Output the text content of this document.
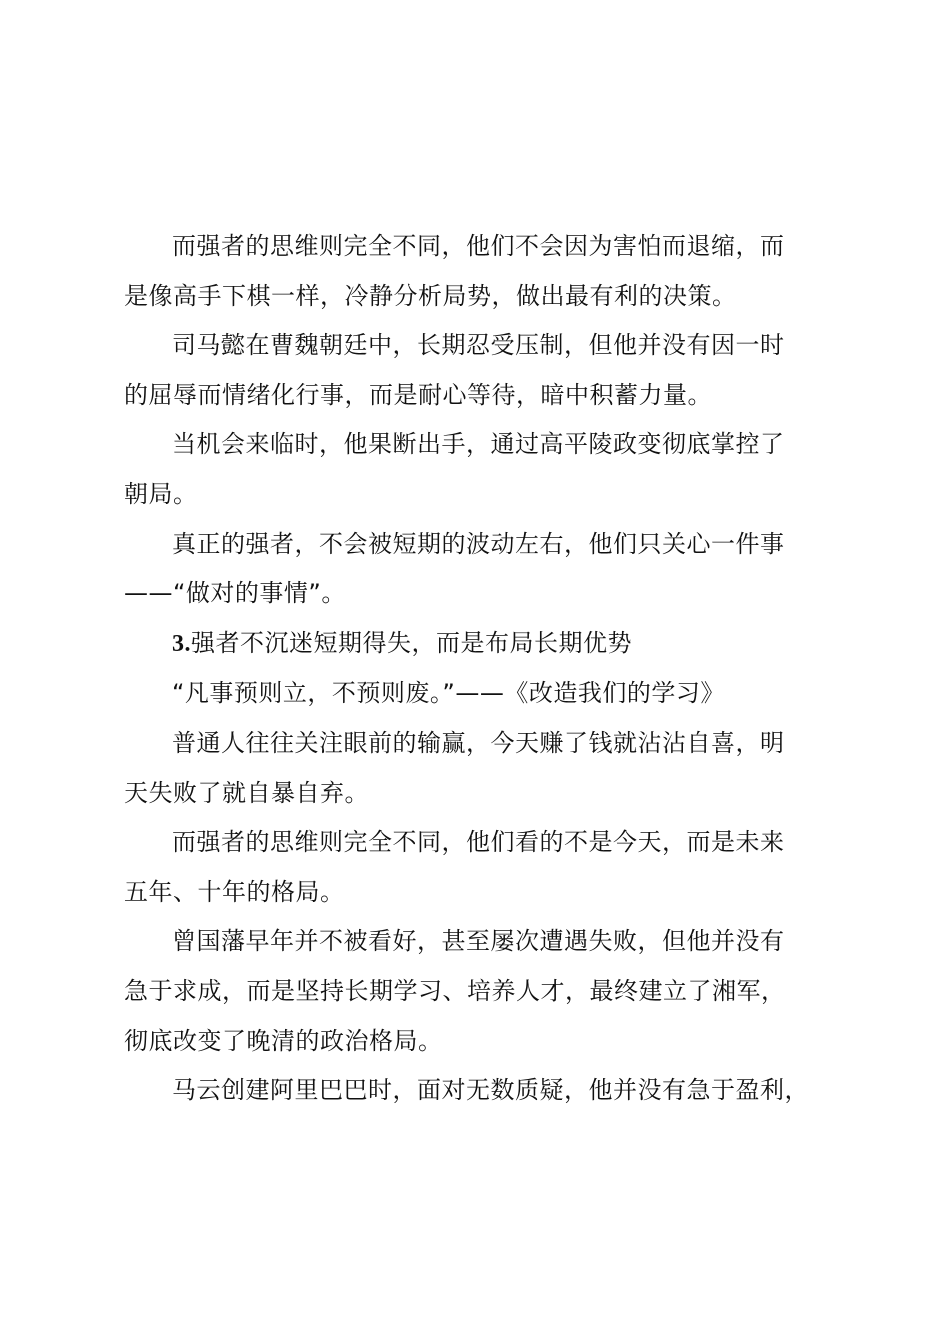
而强者的思维则完全不同，他们不会因为害怕而退缩，而
是像高手下棋一样，冷静分析局势，做出最有利的决策。

司马懿在曹魏朝廷中，长期忍受压制，但他并没有因一时
的屈辱而情绪化行事，而是耐心等待，暗中积蓄力量。

当机会来临时，他果断出手，通过高平陵政变彻底掌控了
朝局。

真正的强者，不会被短期的波动左右，他们只关心一件事
——“做对的事情”。

3.强者不沉迷短期得失，而是布局长期优势

“凡事预则立，不预则废。”——《改造我们的学习》

普通人往往关注眼前的输赢，今天赚了钱就沾沾自喜，明
天失败了就自暴自弃。

而强者的思维则完全不同，他们看的不是今天，而是未来
五年、十年的格局。

曾国藩早年并不被看好，甚至屡次遭遇失败，但他并没有
急于求成，而是坚持长期学习、培养人才，最终建立了湘军，
彻底改变了晚清的政治格局。

马云创建阿里巴巴时，面对无数质疑，他并没有急于盈利，
